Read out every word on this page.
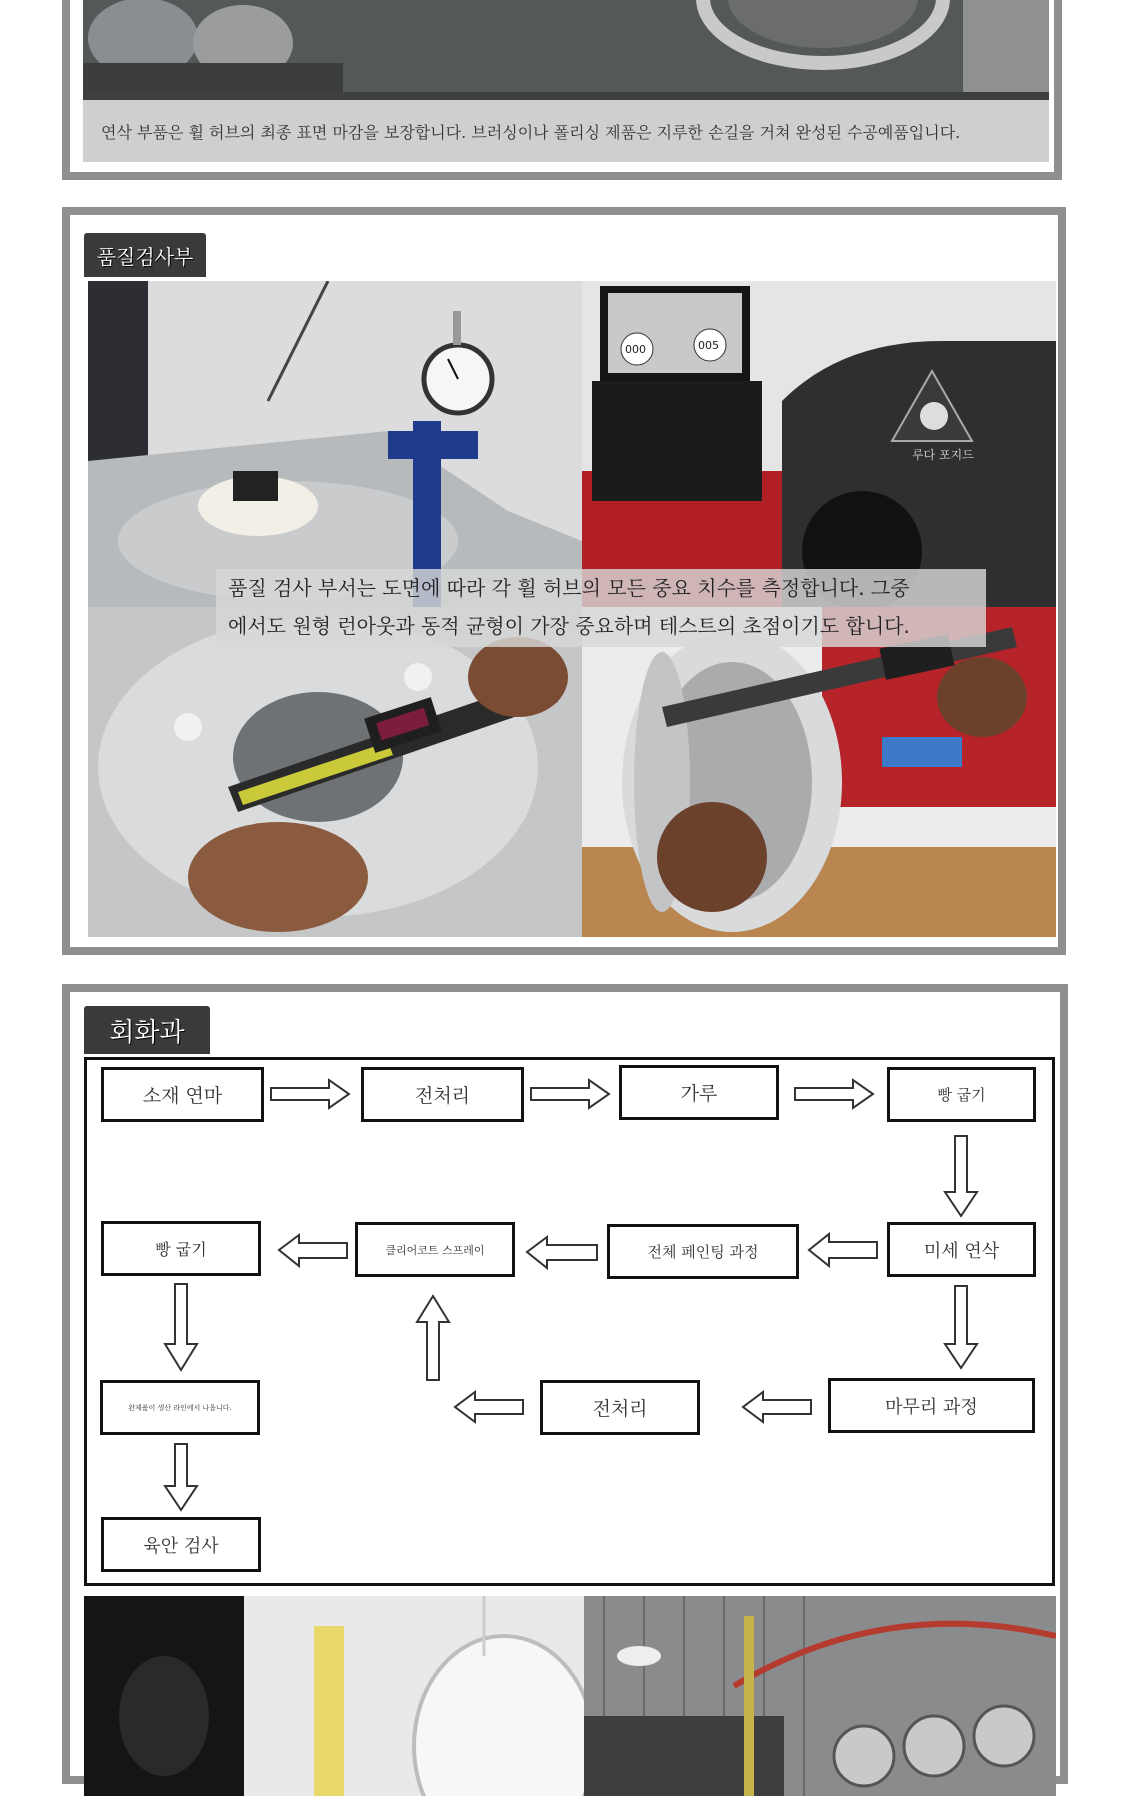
연삭 부품은 휠 허브의 최종 표면 마감을 보장합니다. 브러싱이나 폴리싱 제품은 지루한 손길을 거쳐 완성된 수공예품입니다.
품질검사부
000	005
루다 포지드
품질 검사 부서는 도면에 따라 각 휠 허브의 모든 중요 치수를 측정합니다. 그중
에서도 원형 런아웃과 동적 균형이 가장 중요하며 테스트의 초점이기도 합니다.
회화과
소재 연마	전처리	가루	빵 굽기
미세 연삭
전체 페인팅 과정
클리어코트 스프레이
빵 굽기
마무리 과정
전처리
완제품이 생산 라인에서 나옵니다.
육안 검사
